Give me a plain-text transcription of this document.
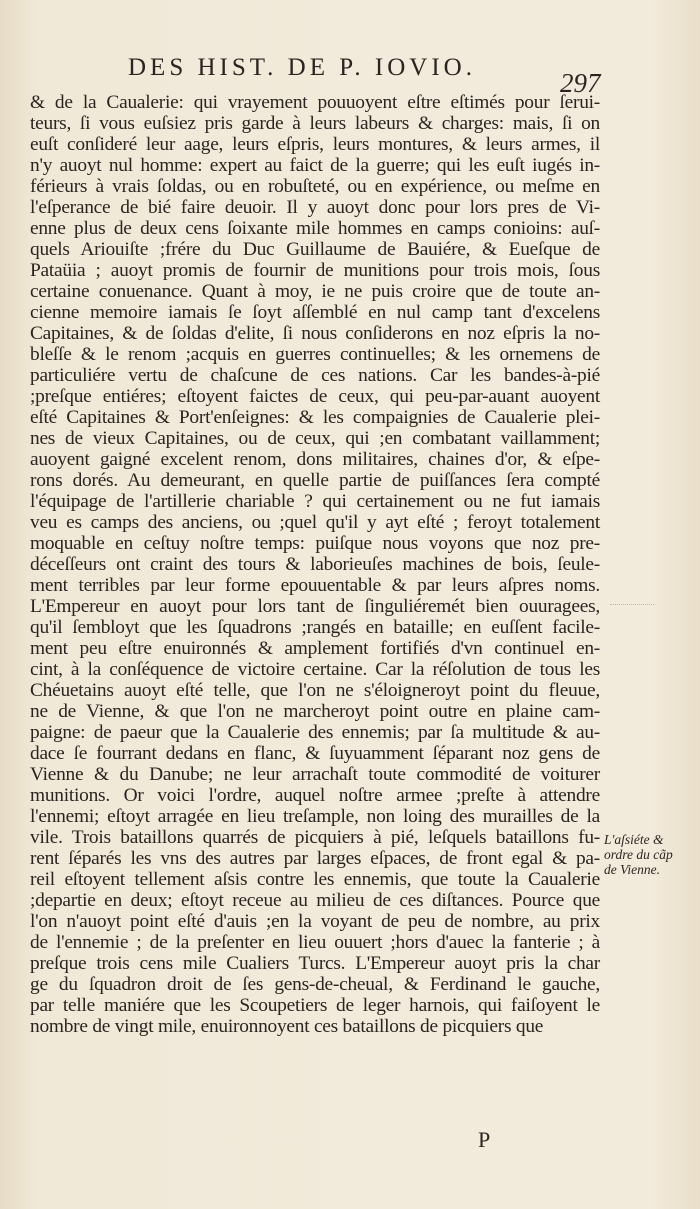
DES HIST. DE P. IOVIO.
297
& de la Caualerie: qui vrayement pouuoyent eſtre eſtimés pour ſerui-
teurs, ſi vous euſsiez pris garde à leurs labeurs & charges: mais, ſi on
euſt conſideré leur aage, leurs eſpris, leurs montures, & leurs armes, il
n'y auoyt nul homme: expert au faict de la guerre; qui les euſt iugés in-
férieurs à vrais ſoldas, ou en robuſteté, ou en expérience, ou meſme en
l'eſperance de bié faire deuoir. Il y auoyt donc pour lors pres de Vi-
enne plus de deux cens ſoixante mile hommes en camps conioins: auſ-
quels Ariouiſte ;frére du Duc Guillaume de Bauiére, & Eueſque de
Pataüia ; auoyt promis de fournir de munitions pour trois mois, ſous
certaine conuenance. Quant à moy, ie ne puis croire que de toute an-
cienne memoire iamais ſe ſoyt aſſemblé en nul camp tant d'excelens
Capitaines, & de ſoldas d'elite, ſi nous conſiderons en noz eſpris la no-
bleſſe & le renom ;acquis en guerres continuelles; & les ornemens de
particuliére vertu de chaſcune de ces nations. Car les bandes-à-pié
;preſque entiéres; eſtoyent faictes de ceux, qui peu-par-auant auoyent
eſté Capitaines & Port'enſeignes: & les compaignies de Caualerie plei-
nes de vieux Capitaines, ou de ceux, qui ;en combatant vaillamment;
auoyent gaigné excelent renom, dons militaires, chaines d'or, & eſpe-
rons dorés. Au demeurant, en quelle partie de puiſſances ſera compté
l'équipage de l'artillerie chariable ? qui certainement ou ne fut iamais
veu es camps des anciens, ou ;quel qu'il y ayt eſté ; feroyt totalement
moquable en ceſtuy noſtre temps: puiſque nous voyons que noz pre-
déceſſeurs ont craint des tours & laborieuſes machines de bois, ſeule-
ment terribles par leur forme epouuentable & par leurs aſpres noms.
L'Empereur en auoyt pour lors tant de ſinguliéremét bien ouuragees,
qu'il ſembloyt que les ſquadrons ;rangés en bataille; en euſſent facile-
ment peu eſtre enuironnés & amplement fortifiés d'vn continuel en-
cint, à la conſéquence de victoire certaine. Car la réſolution de tous les
Chéuetains auoyt eſté telle, que l'on ne s'éloigneroyt point du fleuue,
ne de Vienne, & que l'on ne marcheroyt point outre en plaine cam-
paigne: de paeur que la Caualerie des ennemis; par ſa multitude & au-
dace ſe fourrant dedans en flanc, & ſuyuamment ſéparant noz gens de
Vienne & du Danube; ne leur arrachaſt toute commodité de voiturer
munitions. Or voici l'ordre, auquel noſtre armee ;preſte à attendre
l'ennemi; eſtoyt arragée en lieu treſample, non loing des murailles de la
vile. Trois bataillons quarrés de picquiers à pié, leſquels bataillons fu-
rent ſéparés les vns des autres par larges eſpaces, de front egal & pa-
reil eſtoyent tellement aſsis contre les ennemis, que toute la Caualerie
;departie en deux; eſtoyt receue au milieu de ces diſtances. Pource que
l'on n'auoyt point eſté d'auis ;en la voyant de peu de nombre, au prix
de l'ennemie ; de la preſenter en lieu ouuert ;hors d'auec la fanterie ; à
preſque trois cens mile Cualiers Turcs. L'Empereur auoyt pris la char
ge du ſquadron droit de ſes gens-de-cheual, & Ferdinand le gauche,
par telle maniére que les Scoupetiers de leger harnois, qui faiſoyent le
nombre de vingt mile, enuironnoyent ces bataillons de picquiers que
L'aſsiéte &
ordre du cãp
de Vienne.
P
